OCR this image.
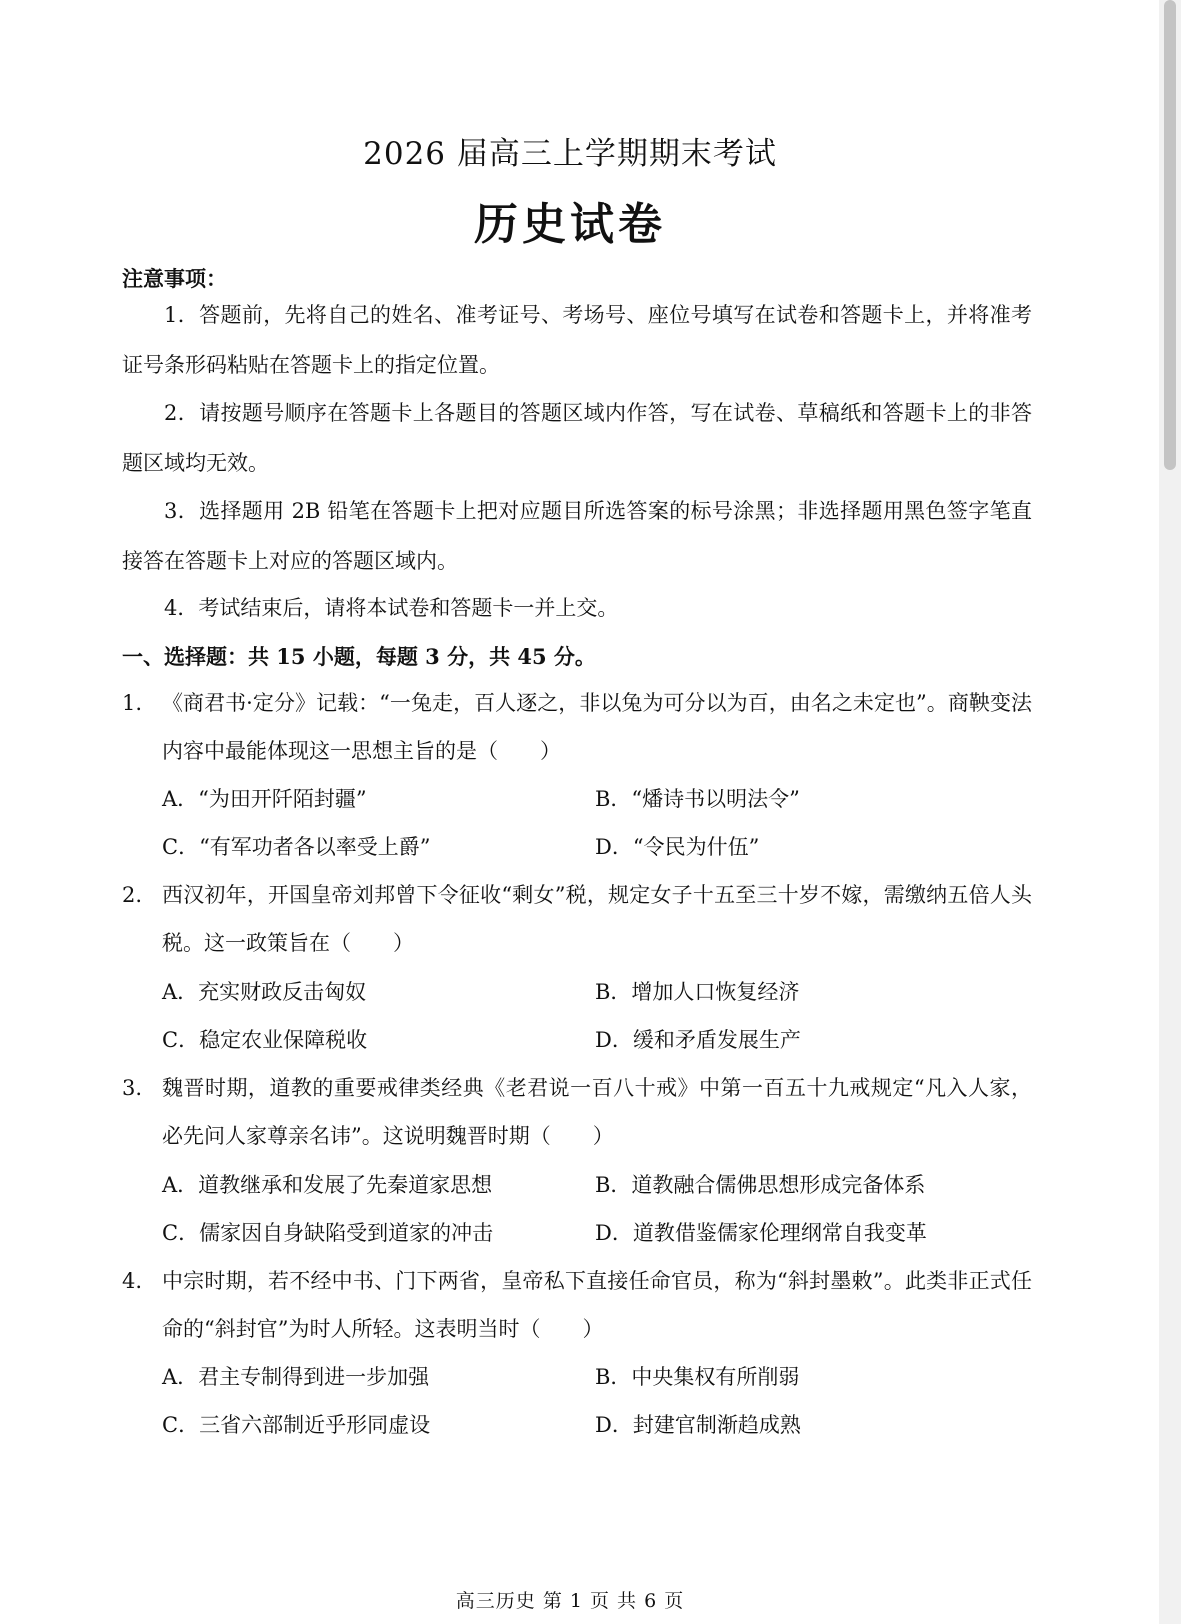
2026 届高三上学期期末考试
历史试卷
注意事项：
1．答题前，先将自己的姓名、准考证号、考场号、座位号填写在试卷和答题卡上，并将准考证号条形码粘贴在答题卡上的指定位置。
2．请按题号顺序在答题卡上各题目的答题区域内作答，写在试卷、草稿纸和答题卡上的非答题区域均无效。
3．选择题用 2B 铅笔在答题卡上把对应题目所选答案的标号涂黑；非选择题用黑色签字笔直接答在答题卡上对应的答题区域内。
4．考试结束后，请将本试卷和答题卡一并上交。
一、选择题：共 15 小题，每题 3 分，共 45 分。
1. 《商君书·定分》记载：“一兔走，百人逐之，非以兔为可分以为百，由名之未定也”。商鞅变法内容中最能体现这一思想主旨的是（　　）
A．“为田开阡陌封疆”	B．“燔诗书以明法令”
C．“有军功者各以率受上爵”	D．“令民为什伍”
2. 西汉初年，开国皇帝刘邦曾下令征收“剩女”税，规定女子十五至三十岁不嫁，需缴纳五倍人头税。这一政策旨在（　　）
A．充实财政反击匈奴	B．增加人口恢复经济
C．稳定农业保障税收	D．缓和矛盾发展生产
3. 魏晋时期，道教的重要戒律类经典《老君说一百八十戒》中第一百五十九戒规定“凡入人家，必先问人家尊亲名讳”。这说明魏晋时期（　　）
A．道教继承和发展了先秦道家思想	B．道教融合儒佛思想形成完备体系
C．儒家因自身缺陷受到道家的冲击	D．道教借鉴儒家伦理纲常自我变革
4. 中宗时期，若不经中书、门下两省，皇帝私下直接任命官员，称为“斜封墨敕”。此类非正式任命的“斜封官”为时人所轻。这表明当时（　　）
A．君主专制得到进一步加强	B．中央集权有所削弱
C．三省六部制近乎形同虚设	D．封建官制渐趋成熟
高三历史 第 1 页 共 6 页
